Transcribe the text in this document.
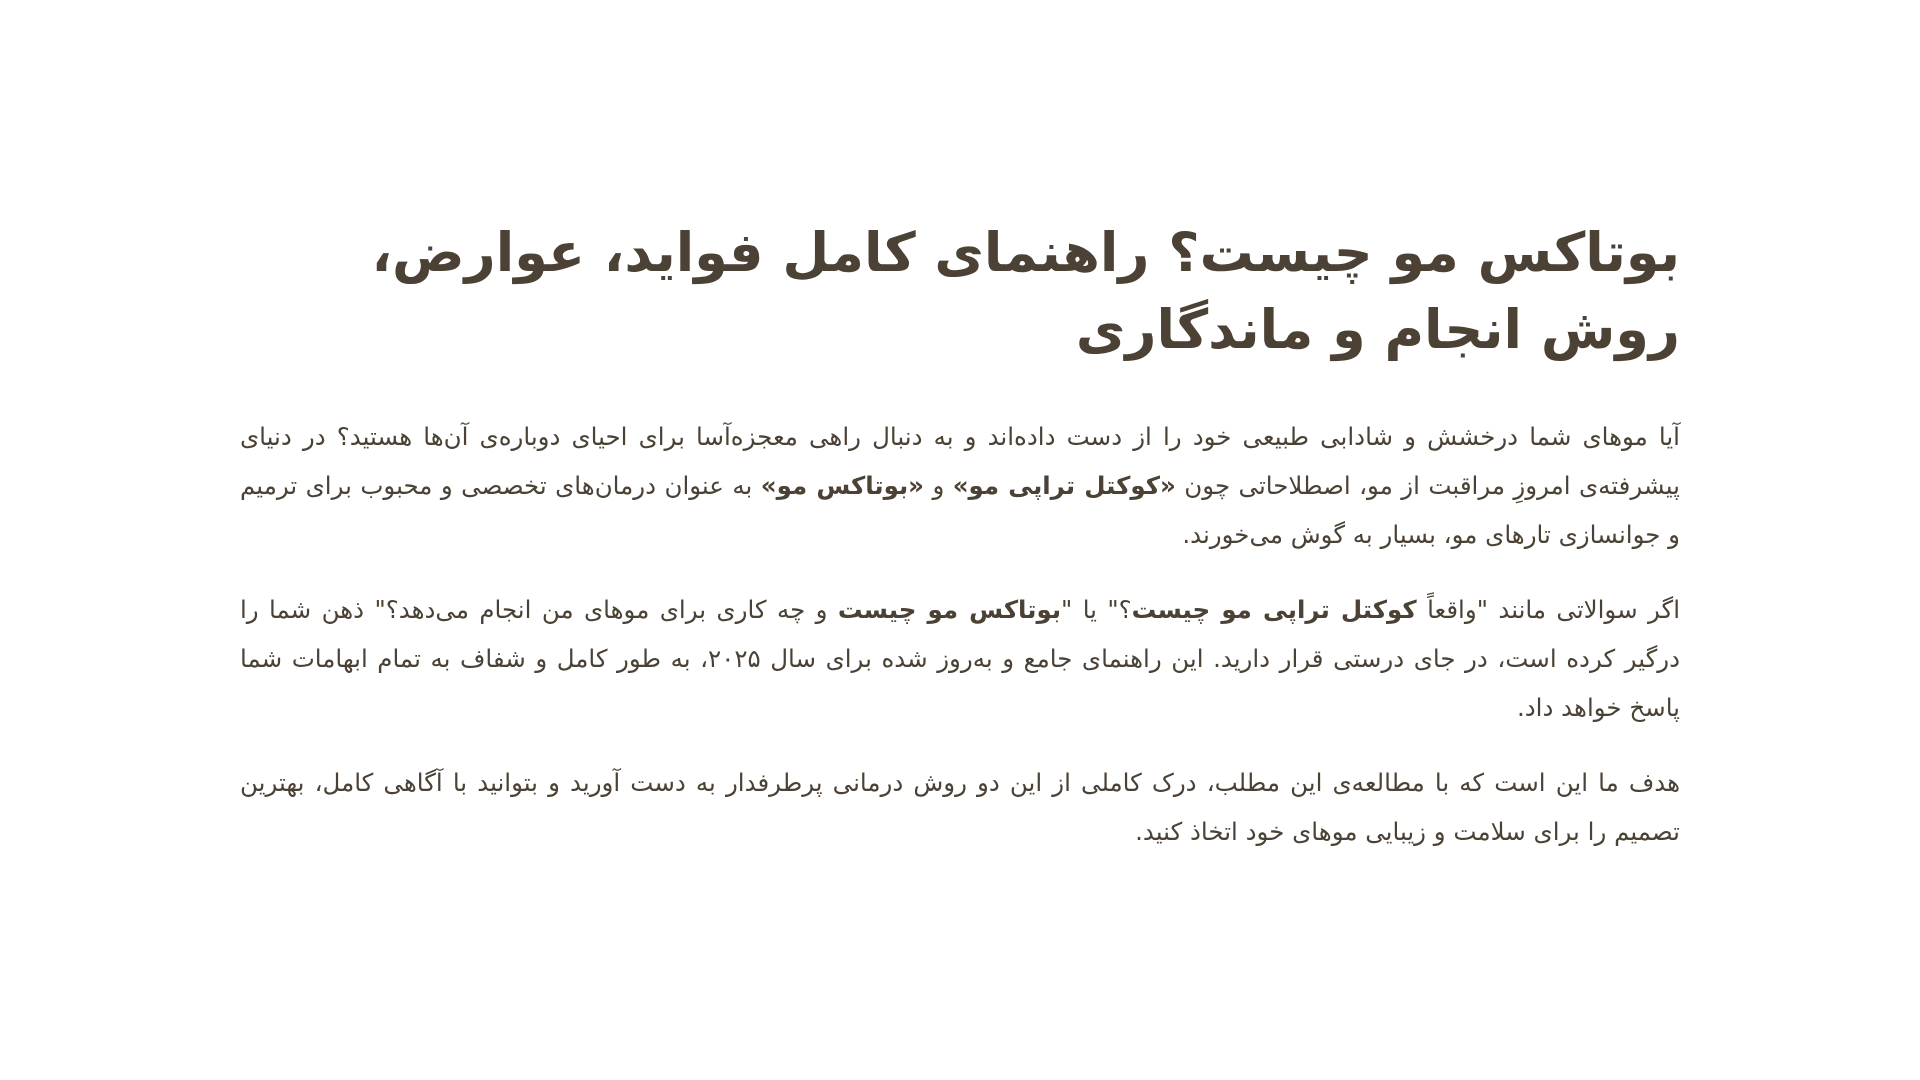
بوتاکس مو چیست؟ راهنمای کامل فواید، عوارض، روش انجام و ماندگاری

آیا موهای شما درخشش و شادابی طبیعی خود را از دست داده‌اند و به دنبال راهی معجزه‌آسا برای احیای دوباره‌ی آن‌ها هستید؟ در دنیای پیشرفته‌ی امروزِ مراقبت از مو، اصطلاحاتی چون «کوکتل تراپی مو» و «بوتاکس مو» به عنوان درمان‌های تخصصی و محبوب برای ترمیم و جوانسازی تارهای مو، بسیار به گوش می‌خورند.

اگر سوالاتی مانند "واقعاً کوکتل تراپی مو چیست؟" یا "بوتاکس مو چیست و چه کاری برای موهای من انجام می‌دهد؟" ذهن شما را درگیر کرده است، در جای درستی قرار دارید. این راهنمای جامع و به‌روز شده برای سال ۲۰۲۵، به طور کامل و شفاف به تمام ابهامات شما پاسخ خواهد داد.

هدف ما این است که با مطالعه‌ی این مطلب، درک کاملی از این دو روش درمانی پرطرفدار به دست آورید و بتوانید با آگاهی کامل، بهترین تصمیم را برای سلامت و زیبایی موهای خود اتخاذ کنید.
